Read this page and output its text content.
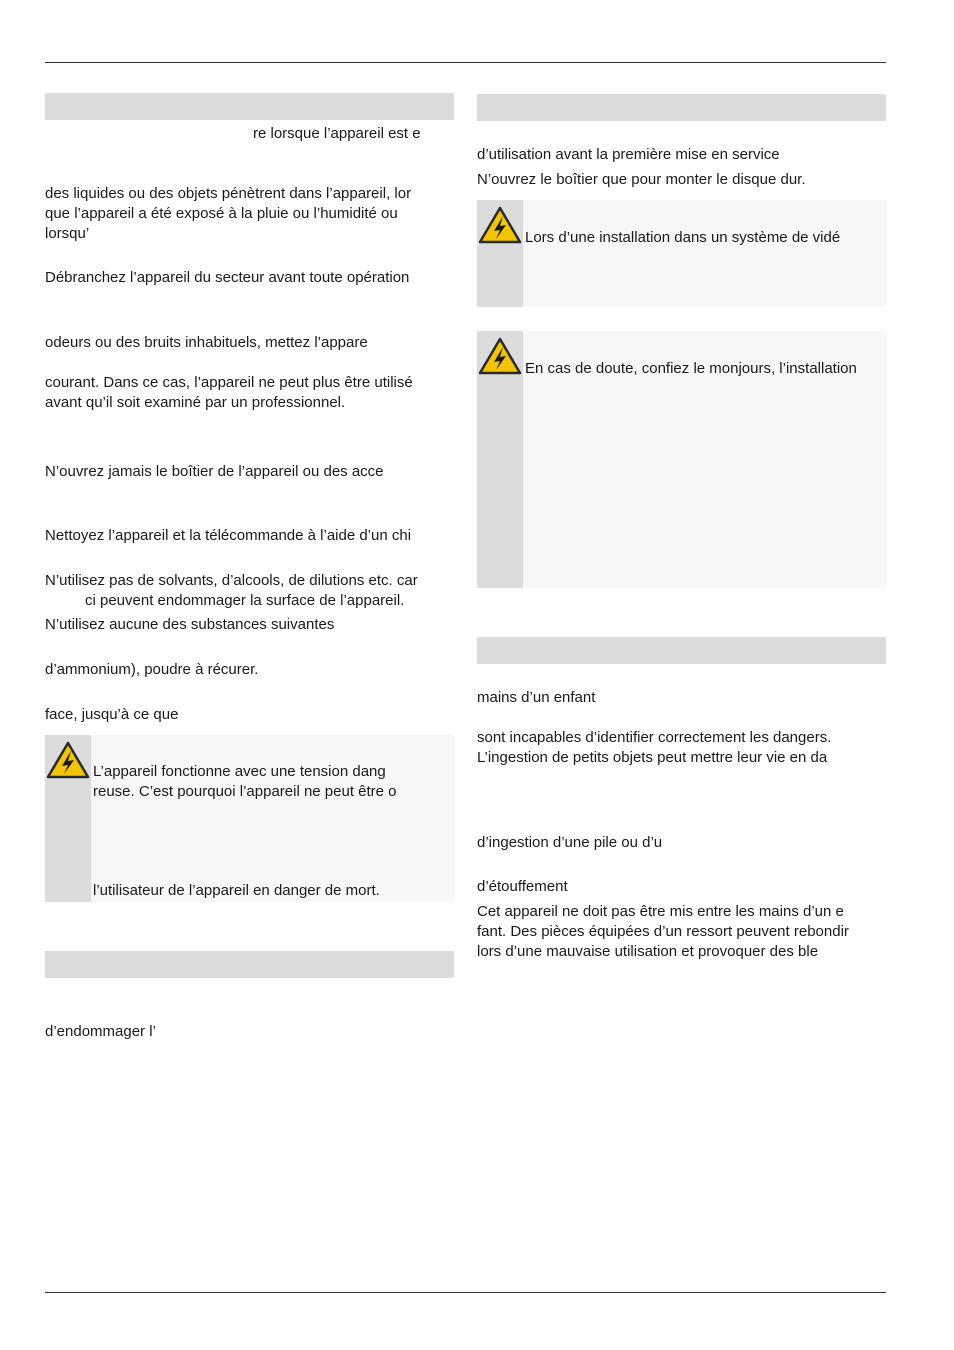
re lorsque l’appareil est e
des liquides ou des objets pénètrent dans l’appareil, lor
que l’appareil a été exposé à la pluie ou l’humidité ou
lorsqu’
Débranchez l’appareil du secteur avant toute opération
odeurs ou des bruits inhabituels, mettez l’appare
courant. Dans ce cas, l’appareil ne peut plus être utilisé
avant qu’il soit examiné par un professionnel.
N’ouvrez jamais le boîtier de l’appareil ou des acce
Nettoyez l’appareil et la télécommande à l’aide d’un chi
N’utilisez pas de solvants, d’alcools, de dilutions etc. car
ci peuvent endommager la surface de l’appareil.
N’utilisez aucune des substances suivantes
d’ammonium), poudre à récurer.
face, jusqu’à ce que
L’appareil fonctionne avec une tension dang
reuse. C’est pourquoi l’appareil ne peut être o
l’utilisateur de l’appareil en danger de mort.
d’endommager l’
d’utilisation avant la première mise en service
N’ouvrez le boîtier que pour monter le disque dur.
Lors d’une installation dans un système de vidé
En cas de doute, confiez le monjours, l’installation
mains d’un enfant
sont incapables d’identifier correctement les dangers.
L’ingestion de petits objets peut mettre leur vie en da
d’ingestion d’une pile ou d’u
d’étouffement
Cet appareil ne doit pas être mis entre les mains d’un e
fant. Des pièces équipées d’un ressort peuvent rebondir
lors d’une mauvaise utilisation et provoquer des ble
